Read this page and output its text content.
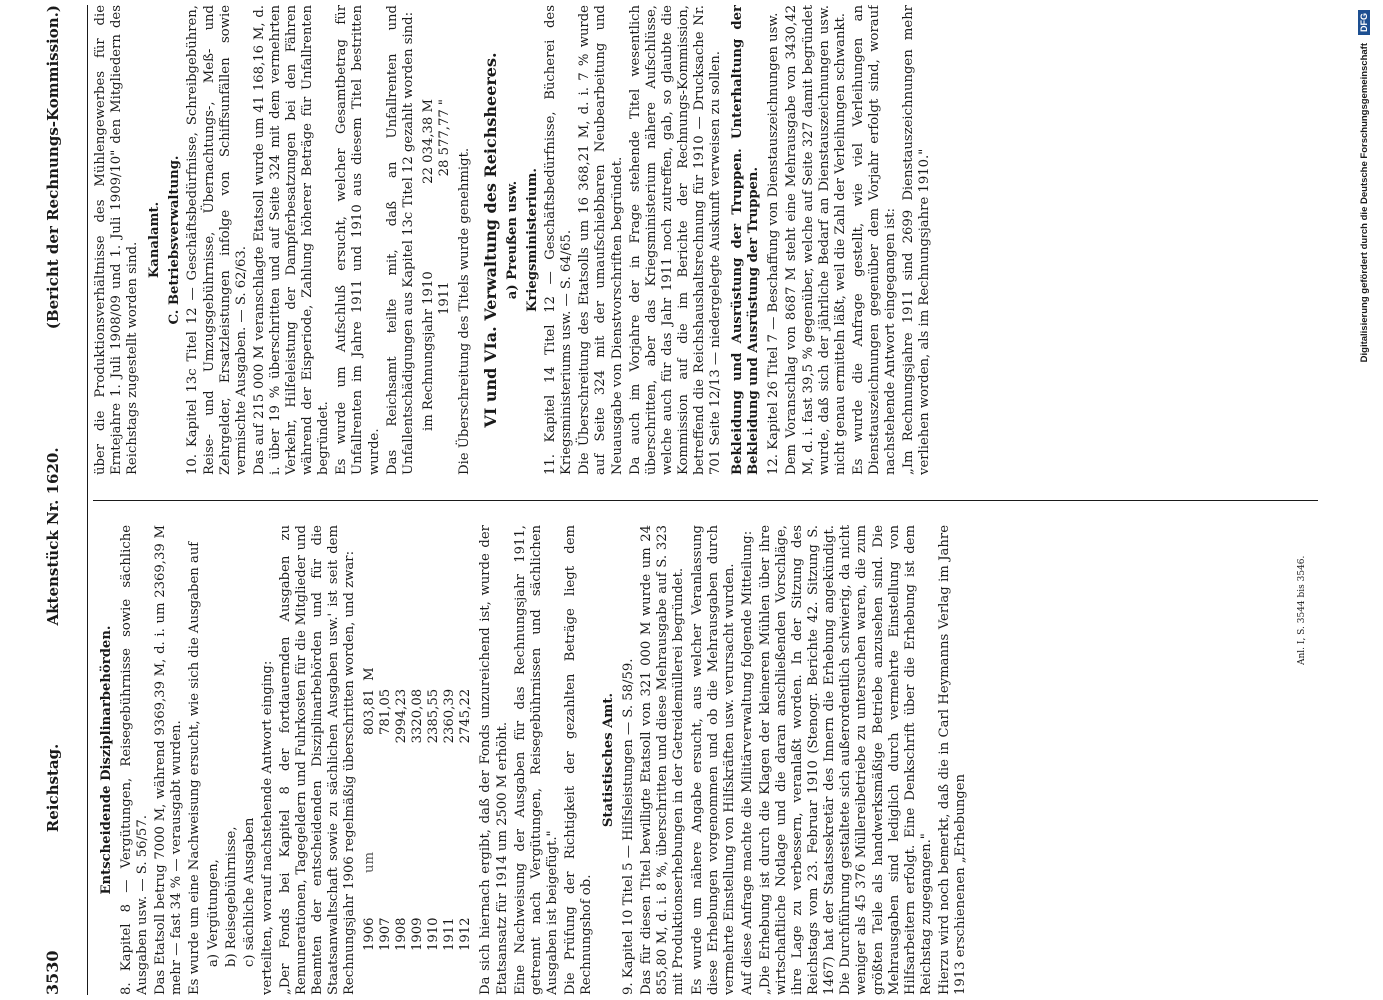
3530
Reichstag.
Aktenstück Nr. 1620.
(Bericht der Rechnungs-Kommission.)

Entscheidende Disziplinarbehörden. 8. Kapitel 8 — Vergütungen, Reisegebührnisse sowie sächliche Ausgaben usw. — S. 56/57. Das Etatsoll betrug 7000 M, während 9369,39 M, d. i. um 2369,39 M mehr — fast 34 % — verausgabt wurden. Es wurde um eine Nachweisung ersucht, wie sich die Ausgaben auf a) Vergütungen, b) Reisegebührnisse, c) sächliche Ausgaben verteilten, worauf nachstehende Antwort einging: „Der Fonds bei Kapitel 8 der fortdauernden Ausgaben zu Remunerationen, Tagegeldern und Fuhrkosten für die Mitglieder und Beamten der entscheidenden Disziplinarbehörden und für die Staatsanwaltschaft sowie zu sächlichen Ausgaben usw.' ist seit dem Rechnungsjahr 1906 regelmäßig überschritten worden, und zwar: 1906	um	803,81	M
1907		781,05	
1908		2994,23	
1909		3320,08	
1910		2385,55	
1911		2360,39	
1912		2745,22	Da sich hiernach ergibt, daß der Fonds unzureichend ist, wurde der Etatsansatz für 1914 um 2500 M erhöht. Eine Nachweisung der Ausgaben für das Rechnungsjahr 1911, getrennt nach Vergütungen, Reisegebührnissen und sächlichen Ausgaben ist beigefügt." Die Prüfung der Richtigkeit der gezahlten Beträge liegt dem Rechnungshof ob.

Statistisches Amt. 9. Kapitel 10 Titel 5 — Hilfsleistungen — S. 58/59. Das für diesen Titel bewilligte Etatsoll von 321 000 M wurde um 24 855,80 M, d. i. 8 %, überschritten und diese Mehrausgabe auf S. 323 mit Produktionserhebungen in der Getreidemüllerei begründet. Es wurde um nähere Angabe ersucht, aus welcher Veranlassung diese Erhebungen vorgenommen und ob die Mehrausgaben durch vermehrte Einstellung von Hilfskräften usw. verursacht wurden. Auf diese Anfrage machte die Militärverwaltung folgende Mitteilung: „Die Erhebung ist durch die Klagen der kleineren Mühlen über ihre wirtschaftliche Notlage und die daran anschließenden Vorschläge, ihre Lage zu verbessern, veranlaßt worden. In der Sitzung des Reichstags vom 23. Februar 1910 (Stenogr. Berichte 42. Sitzung S. 1467) hat der Staatssekretär des Innern die Erhebung angekündigt. Die Durchführung gestaltete sich außerordentlich schwierig, da nicht weniger als 45 376 Müllereibetriebe zu untersuchen waren, die zum größten Teile als handwerksmäßige Betriebe anzusehen sind. Die Mehrausgaben sind lediglich durch vermehrte Einstellung von Hilfsarbeitern erfolgt. Eine Denkschrift über die Erhebung ist dem Reichstag zugegangen." Hierzu wird noch bemerkt, daß die in Carl Heymanns Verlag im Jahre 1913 erschienenen „Erhebungen

Anl. I, S. 3544 bis 3546.

über die Produktionsverhältnisse des Mühlengewerbes für die Erntejahre 1. Juli 1908/09 und 1. Juli 1909/10" den Mitgliedern des Reichstags zugestellt worden sind.

Kanalamt. C. Betriebsverwaltung. 10. Kapitel 13c Titel 12 — Geschäftsbedürfnisse, Schreibgebühren, Reise- und Umzugsgebührnisse, Übernachtungs-, Meß- und Zehrgelder, Ersatzleistungen infolge von Schiffsunfällen sowie vermischte Ausgaben. — S. 62/63. Das auf 215 000 M veranschlagte Etatsoll wurde um 41 168,16 M, d. i. über 19 % überschritten und auf Seite 324 mit dem vermehrten Verkehr, Hilfeleistung der Dampferbesatzungen bei den Fähren während der Eisperiode, Zahlung höherer Beträge für Unfallrenten begründet. Es wurde um Aufschluß ersucht, welcher Gesamtbetrag für Unfallrenten im Jahre 1911 und 1910 aus diesem Titel bestritten wurde. Das Reichsamt teilte mit, daß an Unfallrenten und Unfallentschädigungen aus Kapitel 13c Titel 12 gezahlt worden sind: im Rechnungsjahr 1910	22 034,38 M
1911	28 577,77 "

Die Überschreitung des Titels wurde genehmigt. VI und VIa. Verwaltung des Reichsheeres. a) Preußen usw. Kriegsministerium. 11. Kapitel 14 Titel 12 — Geschäftsbedürfnisse, Bücherei des Kriegsministeriums usw. — S. 64/65. Die Überschreitung des Etatsolls um 16 368,21 M, d. i. 7 % wurde auf Seite 324 mit der umaufschiebbaren Neubearbeitung und Neuausgabe von Dienstvorschriften begründet. Da auch im Vorjahre der in Frage stehende Titel wesentlich überschritten, aber das Kriegsministerium nähere Aufschlüsse, welche auch für das Jahr 1911 noch zutreffen, gab, so glaubte die Kommission auf die im Berichte der Rechnungs-Kommission, betreffend die Reichshaushaltsrechnung für 1910 — Drucksache Nr. 701 Seite 12/13 — niedergelegte Auskunft verweisen zu sollen. Bekleidung und Ausrüstung der Truppen. Unterhaltung der Bekleidung und Ausrüstung der Truppen. 12. Kapitel 26 Titel 7 — Beschaffung von Dienstauszeichnungen usw. Dem Voranschlag von 8687 M steht eine Mehrausgabe von 3430,42 M, d. i. fast 39,5 % gegenüber, welche auf Seite 327 damit begründet wurde, daß sich der jährliche Bedarf an Dienstauszeichnungen usw. nicht genau ermitteln läßt, weil die Zahl der Verleihungen schwankt. Es wurde die Anfrage gestellt, wie viel Verleihungen an Dienstauszeichnungen gegenüber dem Vorjahr erfolgt sind, worauf nachstehende Antwort eingegangen ist: „Im Rechnungsjahre 1911 sind 2699 Dienstauszeichnungen mehr verliehen worden, als im Rechnungsjahre 1910."	Digitalisierung gefördert durch die Deutsche Forschungsgemeinschaft
DFG
